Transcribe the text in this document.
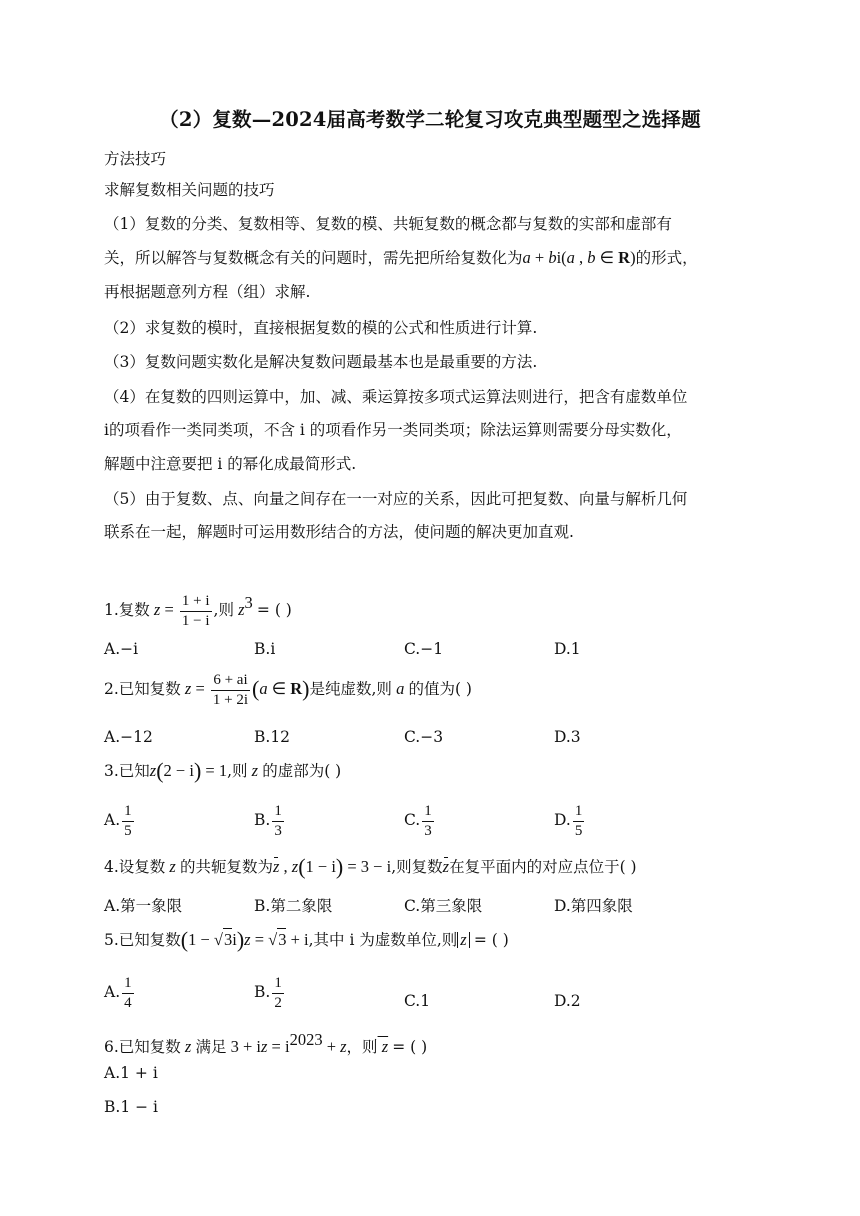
（2）复数—2024届高考数学二轮复习攻克典型题型之选择题
方法技巧
求解复数相关问题的技巧
（1）复数的分类、复数相等、复数的模、共轭复数的概念都与复数的实部和虚部有
关，所以解答与复数概念有关的问题时，需先把所给复数化为a + bi(a , b ∈ R)的形式，
再根据题意列方程（组）求解.
（2）求复数的模时，直接根据复数的模的公式和性质进行计算.
（3）复数问题实数化是解决复数问题最基本也是最重要的方法.
（4）在复数的四则运算中，加、减、乘运算按多项式运算法则进行，把含有虚数单位
i的项看作一类同类项，不含 i 的项看作另一类同类项；除法运算则需要分母实数化，
解题中注意要把 i 的幂化成最简形式.
（5）由于复数、点、向量之间存在一一对应的关系，因此可把复数、向量与解析几何
联系在一起，解题时可运用数形结合的方法，使问题的解决更加直观.
1.复数 $z = \frac{1 + i}{1 - i}$ ,则 $z^3$ = ( )
A.−i	B.i	C.−1	D.1
2.已知复数 $z = \frac{6 + ai}{1 + 2i} (a$ ∈ R)是纯虚数,则 a 的值为( )
A.−12	B.12	C.−3	D.3
3.已知z(2 − i) = 1,则 z 的虚部为( )
A. $\frac{1}{5}$	B. $\frac{1}{3}$	C. $\frac{1}{3}$	D. $\frac{1}{5}$
4.设复数 z 的共轭复数为z , z(1 − i) = 3 − i,则复数z在复平面内的对应点位于( )
A.第一象限	B.第二象限	C.第三象限	D.第四象限
5.已知复数(1 − √3i)z = √3 + i,其中 i 为虚数单位,则 z = ( )
A. $\frac{1}{4}$	B. $\frac{1}{2}$	C.1	D.2
6.已知复数 z 满足 3 + iz = $i^{2023} + z$，则 z = ( )
A.1 + i
B.1 − i
